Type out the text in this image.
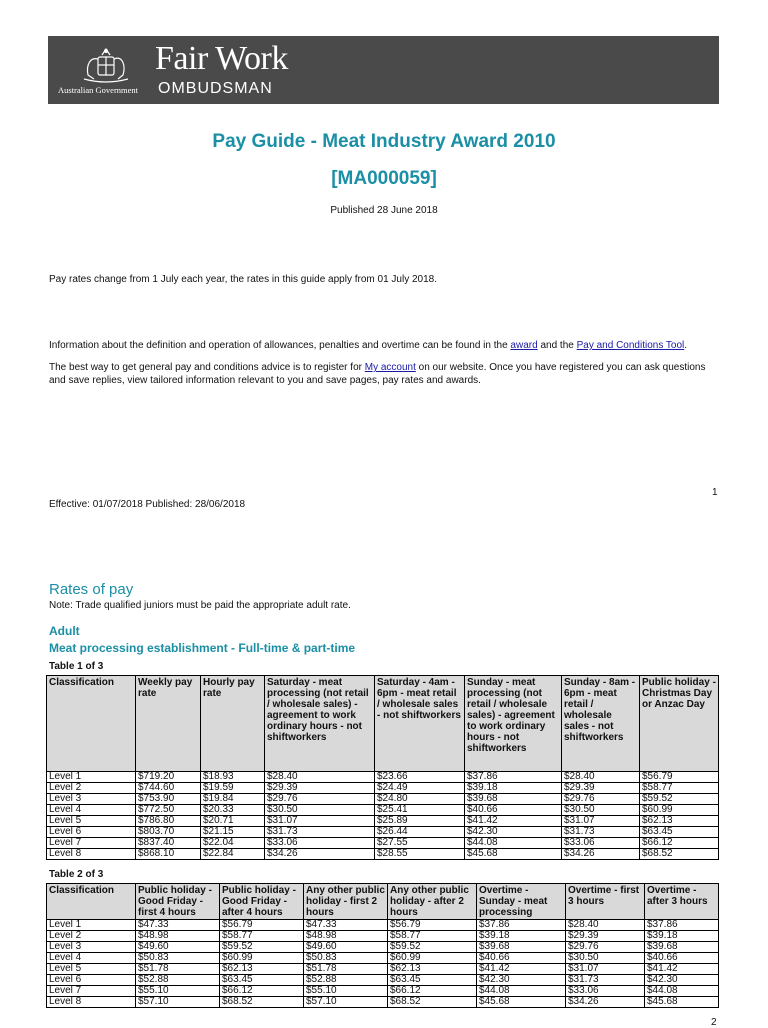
Australian Government
Fair Work
OMBUDSMAN
Pay Guide - Meat Industry Award 2010
[MA000059]
Published 28 June 2018
Pay rates change from 1 July each year, the rates in this guide apply from 01 July 2018.
Information about the definition and operation of allowances, penalties and overtime can be found in the award and the Pay and Conditions Tool.
The best way to get general pay and conditions advice is to register for My account on our website. Once you have registered you can ask questions and save replies, view tailored information relevant to you and save pages, pay rates and awards.
1
Effective: 01/07/2018 Published: 28/06/2018
Rates of pay
Note: Trade qualified juniors must be paid the appropriate adult rate.
Adult
Meat processing establishment - Full-time & part-time
Table 1 of 3
Classification	Weekly pay rate	Hourly pay rate	Saturday - meat processing (not retail / wholesale sales) - agreement to work ordinary hours - not shiftworkers	Saturday - 4am - 6pm - meat retail / wholesale sales - not shiftworkers	Sunday - meat processing (not retail / wholesale sales) - agreement to work ordinary hours - not shiftworkers	Sunday - 8am - 6pm - meat retail / wholesale sales - not shiftworkers	Public holiday - Christmas Day or Anzac Day
Level 1	$719.20	$18.93	$28.40	$23.66	$37.86	$28.40	$56.79
Level 2	$744.60	$19.59	$29.39	$24.49	$39.18	$29.39	$58.77
Level 3	$753.90	$19.84	$29.76	$24.80	$39.68	$29.76	$59.52
Level 4	$772.50	$20.33	$30.50	$25.41	$40.66	$30.50	$60.99
Level 5	$786.80	$20.71	$31.07	$25.89	$41.42	$31.07	$62.13
Level 6	$803.70	$21.15	$31.73	$26.44	$42.30	$31.73	$63.45
Level 7	$837.40	$22.04	$33.06	$27.55	$44.08	$33.06	$66.12
Level 8	$868.10	$22.84	$34.26	$28.55	$45.68	$34.26	$68.52
Table 2 of 3
Classification	Public holiday - Good Friday - first 4 hours	Public holiday - Good Friday - after 4 hours	Any other public holiday - first 2 hours	Any other public holiday - after 2 hours	Overtime - Sunday - meat processing	Overtime - first 3 hours	Overtime - after 3 hours
Level 1	$47.33	$56.79	$47.33	$56.79	$37.86	$28.40	$37.86
Level 2	$48.98	$58.77	$48.98	$58.77	$39.18	$29.39	$39.18
Level 3	$49.60	$59.52	$49.60	$59.52	$39.68	$29.76	$39.68
Level 4	$50.83	$60.99	$50.83	$60.99	$40.66	$30.50	$40.66
Level 5	$51.78	$62.13	$51.78	$62.13	$41.42	$31.07	$41.42
Level 6	$52.88	$63.45	$52.88	$63.45	$42.30	$31.73	$42.30
Level 7	$55.10	$66.12	$55.10	$66.12	$44.08	$33.06	$44.08
Level 8	$57.10	$68.52	$57.10	$68.52	$45.68	$34.26	$45.68
2
